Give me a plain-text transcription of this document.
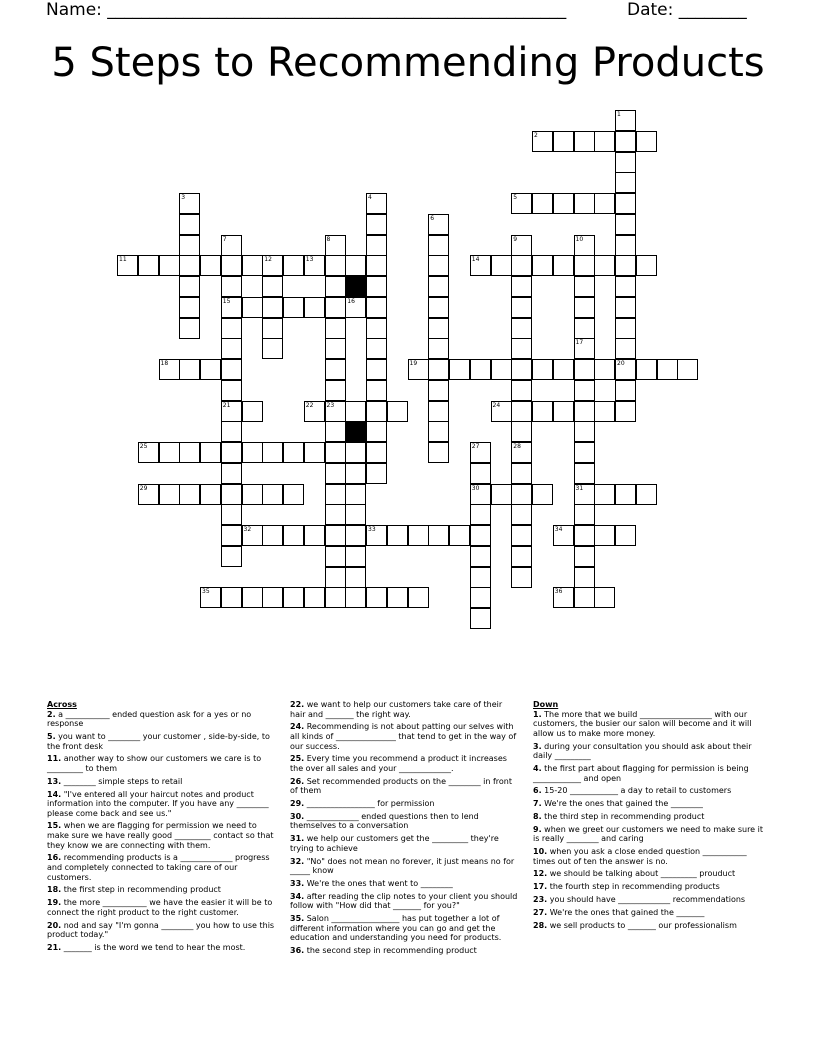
Name: ______________________________________________________	Date: ________
5 Steps to Recommending Products
2
5
11	12	13	14
15	16
18	19	20
21	22 23	24
25
29	30	31
32	33	34
35	36
1
3	4
6
7	8	9	10
17
27	28
Across
2. a ___________ ended question ask for a yes or no response
5. you want to ________ your customer , side-by-side, to the front desk
11. another way to show our customers we care is to _________ to them
13. ________ simple steps to retail
14. "I've entered all your haircut notes and product information into the computer. If you have any ________ please come back and see us."
15. when we are flagging for permission we need to make sure we have really good _________ contact so that they know we are connecting with them.
16. recommending products is a _____________ progress and completely connected to taking care of our customers.
18. the first step in recommending product
19. the more ___________ we have the easier it will be to connect the right product to the right customer.
20. nod and say "I'm gonna ________ you how to use this product today."
21. _______ is the word we tend to hear the most.
22. we want to help our customers take care of their hair and _______ the right way.
24. Recommending is not about patting our selves with all kinds of _______________ that tend to get in the way of our success.
25. Every time you recommend a product it increases the over all sales and your _____________.
26. Set recommended products on the ________ in front of them
29. _________________ for permission
30. _____________ ended questions then to lend themselves to a conversation
31. we help our customers get the _________ they're trying to achieve
32. "No" does not mean no forever, it just means no for _____ know
33. We're the ones that went to ________
34. after reading the clip notes to your client you should follow with "How did that _______ for you?"
35. Salon _________________ has put together a lot of different information where you can go and get the education and understanding you need for products.
36. the second step in recommending product
Down
1. The more that we build __________________ with our customers, the busier our salon will become and it will allow us to make more money.
3. during your consultation you should ask about their daily _________
4. the first part about flagging for permission is being ____________ and open
6. 15-20 ____________ a day to retail to customers
7. We're the ones that gained the ________
8. the third step in recommending product
9. when we greet our customers we need to make sure it is really ________ and caring
10. when you ask a close ended question ___________ times out of ten the answer is no.
12. we should be talking about _________ prouduct
17. the fourth step in recommending products
23. you should have _____________ recommendations
27. We're the ones that gained the _______
28. we sell products to _______ our professionalism
